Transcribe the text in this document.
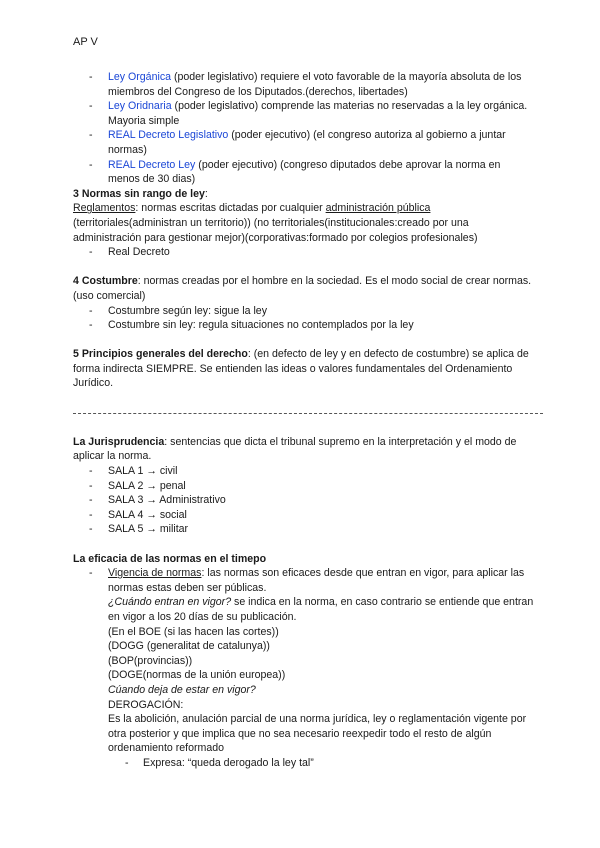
AP V
- Ley Orgánica (poder legislativo) requiere el voto favorable de la mayoría absoluta de los miembros del Congreso de los Diputados.(derechos, libertades)
- Ley Oridnaria (poder legislativo) comprende las materias no reservadas a la ley orgánica. Mayoria simple
- REAL Decreto Legislativo (poder ejecutivo) (el congreso autoriza al gobierno a juntar normas)
- REAL Decreto Ley (poder ejecutivo) (congreso diputados debe aprovar la norma en menos de 30 dias)

3 Normas sin rango de ley:

Reglamentos: normas escritas dictadas por cualquier administración pública (territoriales(administran un territorio)) (no territoriales(institucionales:creado por una administración para gestionar mejor)(corporativas:formado por colegios profesionales)

- Real Decreto

4 Costumbre: normas creadas por el hombre en la sociedad. Es el modo social de crear normas. (uso comercial)

- Costumbre según ley: sigue la ley
- Costumbre sin ley: regula situaciones no contemplados por la ley

5 Principios generales del derecho: (en defecto de ley y en defecto de costumbre) se aplica de forma indirecta SIEMPRE. Se entienden las ideas o valores fundamentales del Ordenamiento Jurídico.

La Jurisprudencia: sentencias que dicta el tribunal supremo en la interpretación y el modo de aplicar la norma.

- SALA 1 → civil
- SALA 2 → penal
- SALA 3 → Administrativo
- SALA 4 → social
- SALA 5 → militar

La eficacia de las normas en el timepo

- Vigencia de normas: las normas son eficaces desde que entran en vigor, para aplicar las normas estas deben ser públicas.
¿Cuándo entran en vigor? se indica en la norma, en caso contrario se entiende que entran en vigor a los 20 días de su publicación.
(En el BOE (si las hacen las cortes))
(DOGG (generalitat de catalunya))
(BOP(provincias))
(DOGE(normas de la unión europea))
Cúando deja de estar en vigor?
DEROGACIÓN:
Es la abolición, anulación parcial de una norma jurídica, ley o reglamentación vigente por otra posterior y que implica que no sea necesario reexpedir todo el resto de algún ordenamiento reformado
- Expresa: “queda derogado la ley tal”
